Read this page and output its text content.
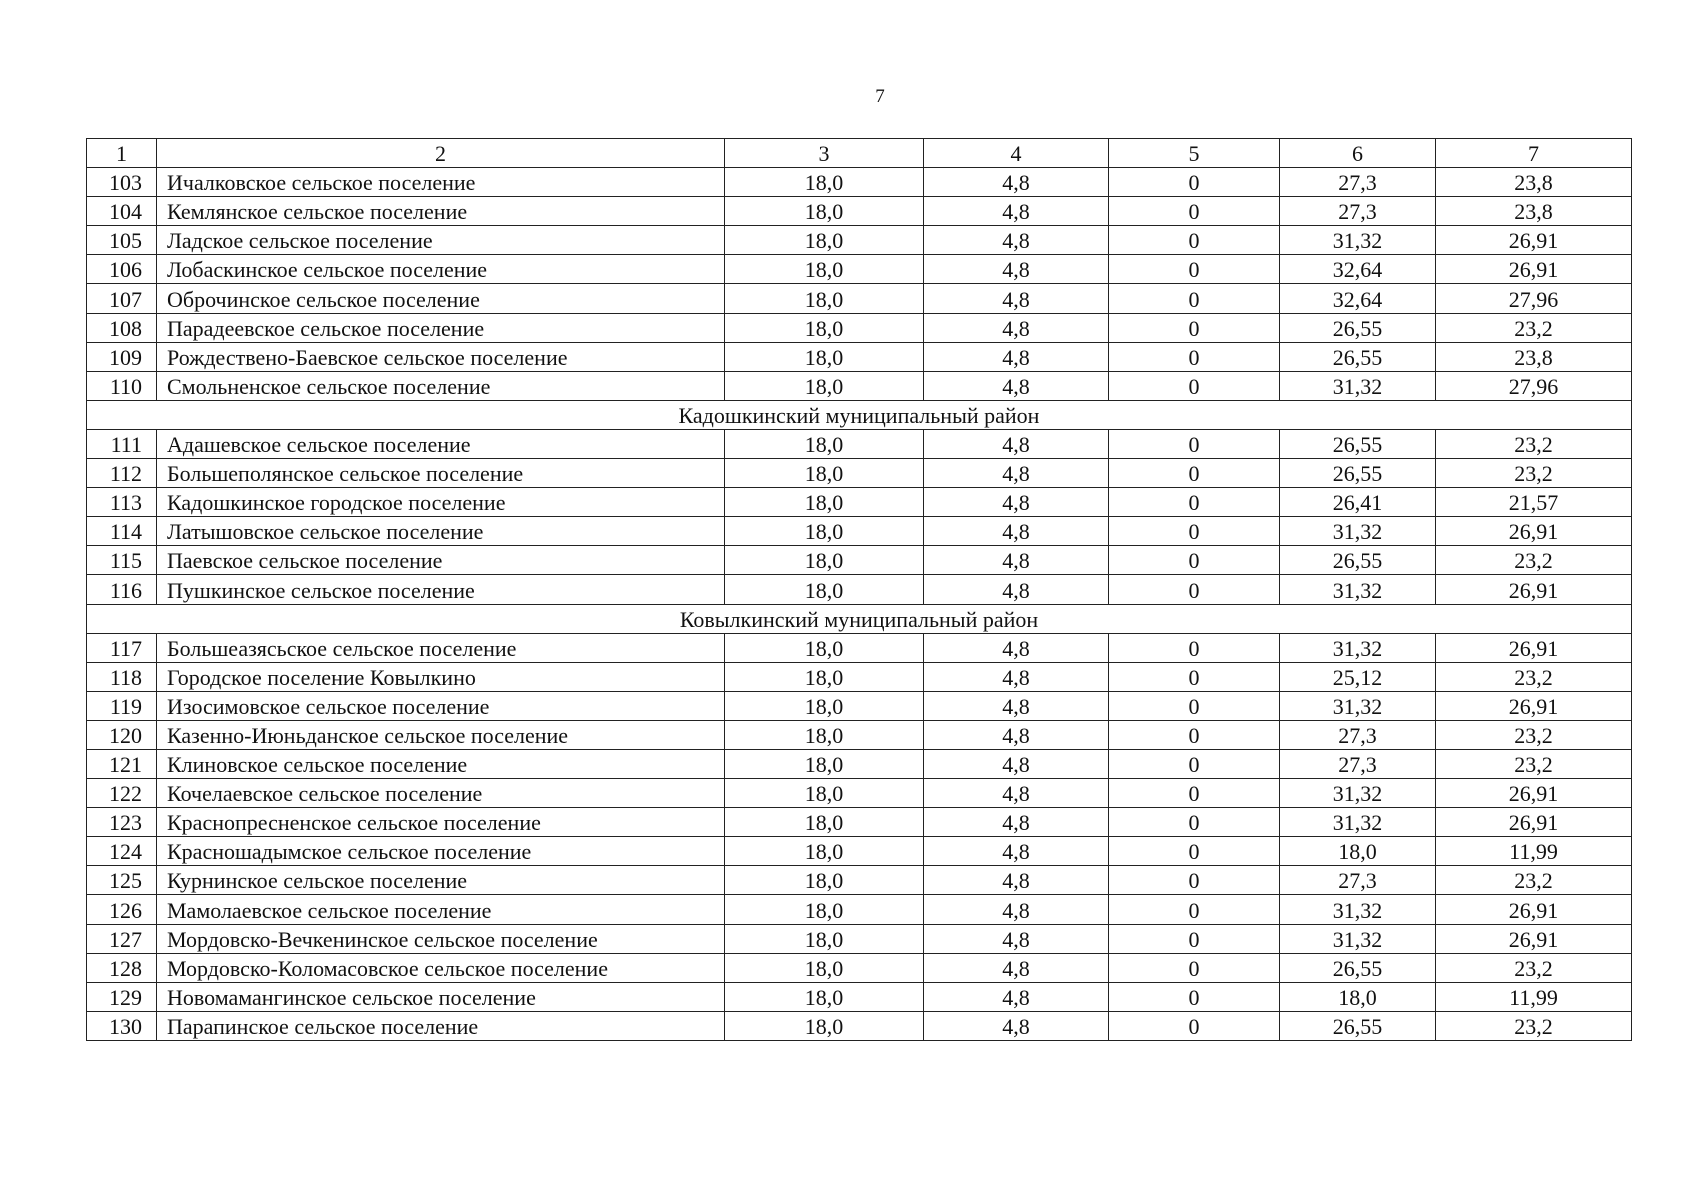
7
1	2	3	4	5	6	7
103	Ичалковское сельское поселение	18,0	4,8	0	27,3	23,8
104	Кемлянское сельское поселение	18,0	4,8	0	27,3	23,8
105	Ладское сельское поселение	18,0	4,8	0	31,32	26,91
106	Лобаскинское сельское поселение	18,0	4,8	0	32,64	26,91
107	Оброчинское сельское поселение	18,0	4,8	0	32,64	27,96
108	Парадеевское сельское поселение	18,0	4,8	0	26,55	23,2
109	Рождествено-Баевское сельское поселение	18,0	4,8	0	26,55	23,8
110	Смольненское сельское поселение	18,0	4,8	0	31,32	27,96
Кадошкинский муниципальный район						
111	Адашевское сельское поселение	18,0	4,8	0	26,55	23,2
112	Большеполянское сельское поселение	18,0	4,8	0	26,55	23,2
113	Кадошкинское городское поселение	18,0	4,8	0	26,41	21,57
114	Латышовское сельское поселение	18,0	4,8	0	31,32	26,91
115	Паевское сельское поселение	18,0	4,8	0	26,55	23,2
116	Пушкинское сельское поселение	18,0	4,8	0	31,32	26,91
Ковылкинский муниципальный район						
117	Большеазясьское сельское поселение	18,0	4,8	0	31,32	26,91
118	Городское поселение Ковылкино	18,0	4,8	0	25,12	23,2
119	Изосимовское сельское поселение	18,0	4,8	0	31,32	26,91
120	Казенно-Июньданское сельское поселение	18,0	4,8	0	27,3	23,2
121	Клиновское сельское поселение	18,0	4,8	0	27,3	23,2
122	Кочелаевское сельское поселение	18,0	4,8	0	31,32	26,91
123	Краснопресненское сельское поселение	18,0	4,8	0	31,32	26,91
124	Красношадымское сельское поселение	18,0	4,8	0	18,0	11,99
125	Курнинское сельское поселение	18,0	4,8	0	27,3	23,2
126	Мамолаевское сельское поселение	18,0	4,8	0	31,32	26,91
127	Мордовско-Вечкенинское сельское поселение	18,0	4,8	0	31,32	26,91
128	Мордовско-Коломасовское сельское поселение	18,0	4,8	0	26,55	23,2
129	Новомамангинское сельское поселение	18,0	4,8	0	18,0	11,99
130	Парапинское сельское поселение	18,0	4,8	0	26,55	23,2
